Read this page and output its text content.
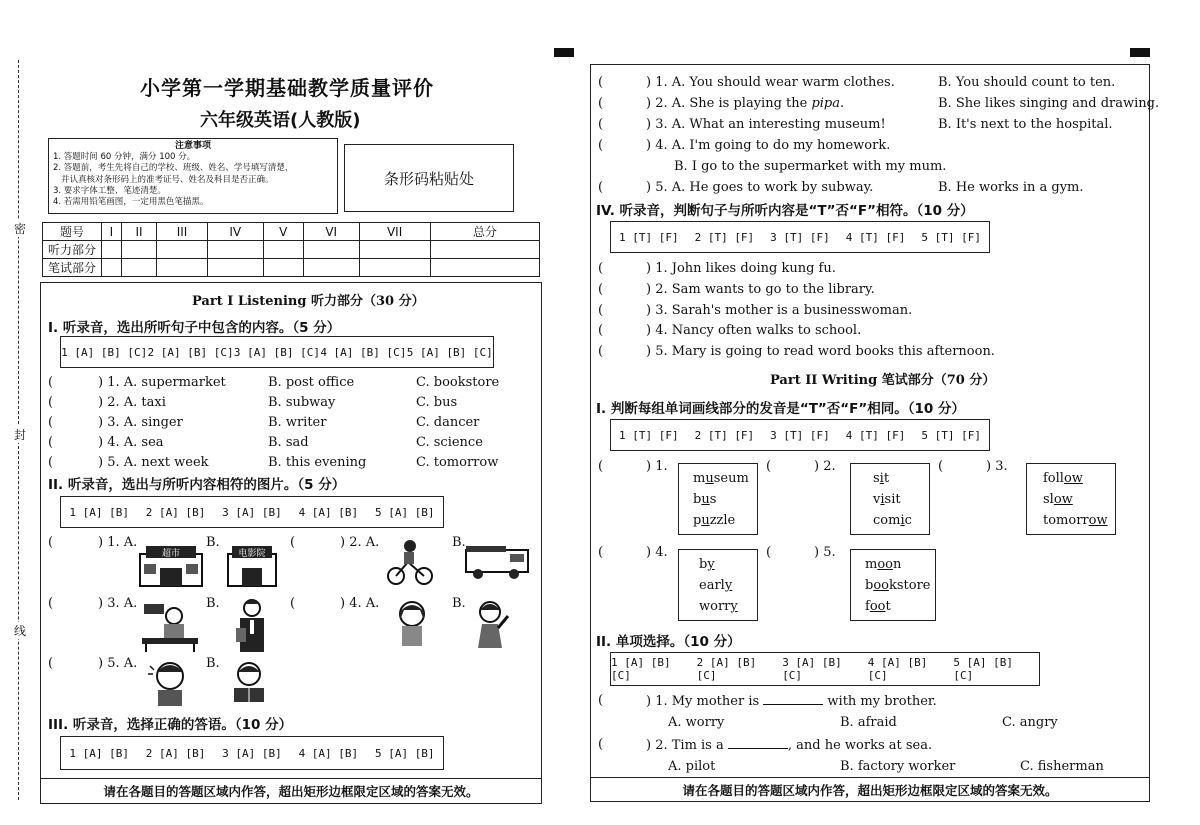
密
封
线
小学第一学期基础教学质量评价
六年级英语(人教版)
注意事项
1. 答题时间 60 分钟，满分 100 分。
2. 答题前，考生先将自己的学校、班级、姓名、学号填写清楚，
并认真核对条形码上的准考证号、姓名及科目是否正确。
3. 要求字体工整、笔迹清楚。
4. 若需用铅笔画图，一定用黑色笔描黑。
条形码粘贴处
题号	I	II	III	IV	V	VI	VII	总分
听力部分								
笔试部分								
Part I Listening 听力部分（30 分）
I. 听录音，选出所听句子中包含的内容。（5 分）
1 [A] [B] [C] 2 [A] [B] [C] 3 [A] [B] [C] 4 [A] [B] [C] 5 [A] [B] [C]
(	) 1. A. supermarket	B. post office	C. bookstore
(	) 2. A. taxi	B. subway	C. bus
(	) 3. A. singer	B. writer	C. dancer
(	) 4. A. sea	B. sad	C. science
(	) 5. A. next week	B. this evening	C. tomorrow
II. 听录音，选出与所听内容相符的图片。（5 分）
1 [A] [B] 2 [A] [B] 3 [A] [B] 4 [A] [B] 5 [A] [B]
(	) 1. A.	B.
超市	电影院
(	) 2. A.	B.
(	) 3. A.	B.	(	) 4. A.	B.
(	) 5. A.	B.
III. 听录音，选择正确的答语。（10 分）
1 [A] [B] 2 [A] [B] 3 [A] [B] 4 [A] [B] 5 [A] [B]
请在各题目的答题区域内作答，超出矩形边框限定区域的答案无效。
(	) 1. A. You should wear warm clothes.	B. You should count to ten.
(	) 2. A. She is playing the pipa.	B. She likes singing and drawing.
(	) 3. A. What an interesting museum!	B. It's next to the hospital.
(	) 4. A. I'm going to do my homework.
B. I go to the supermarket with my mum.
(	) 5. A. He goes to work by subway.	B. He works in a gym.
IV. 听录音，判断句子与所听内容是“T”否“F”相符。（10 分）
1 [T] [F] 2 [T] [F] 3 [T] [F] 4 [T] [F] 5 [T] [F]
(	) 1. John likes doing kung fu.
(	) 2. Sam wants to go to the library.
(	) 3. Sarah's mother is a businesswoman.
(	) 4. Nancy often walks to school.
(	) 5. Mary is going to read word books this afternoon.
Part II Writing 笔试部分（70 分）
I. 判断每组单词画线部分的发音是“T”否“F”相同。（10 分）
1 [T] [F] 2 [T] [F] 3 [T] [F] 4 [T] [F] 5 [T] [F]
(	) 1.
museum
bus
puzzle
(	) 2.
sit
visit
comic
(	) 3.
follow
slow
tomorrow
(	) 4.
by
early
worry
(	) 5.
moon
bookstore
foot
II. 单项选择。（10 分）
1 [A] [B] [C]
2 [A] [B] [C]
3 [A] [B] [C]
4 [A] [B] [C]
5 [A] [B] [C]
(	) 1. My mother is	with my brother.
A. worry	B. afraid	C. angry
(	) 2. Tim is a	, and he works at sea.
A. pilot	B. factory worker	C. fisherman
请在各题目的答题区域内作答，超出矩形边框限定区域的答案无效。
